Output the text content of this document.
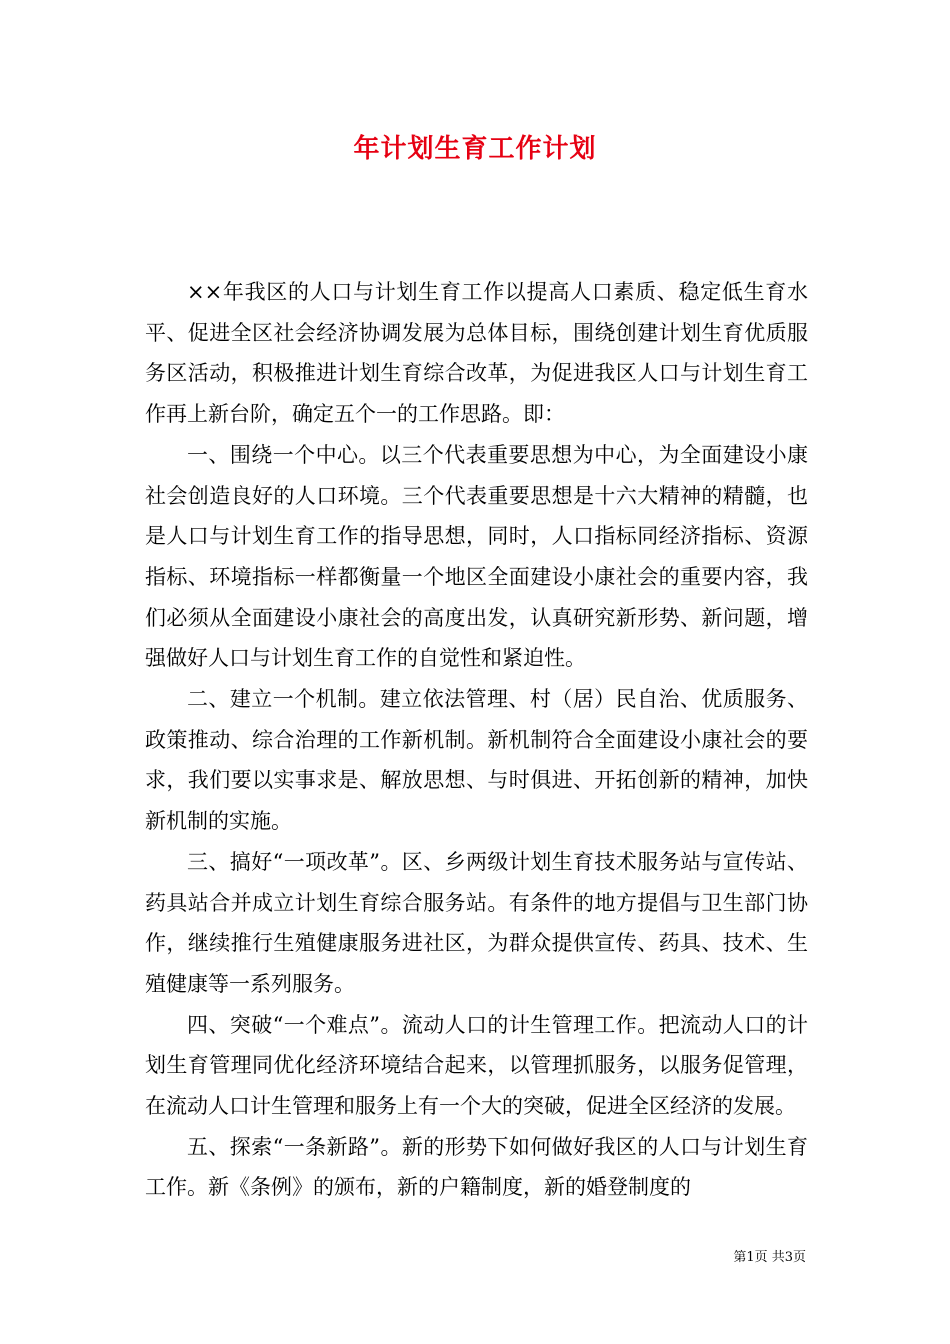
年计划生育工作计划

××年我区的人口与计划生育工作以提高人口素质、稳定低生育水平、促进全区社会经济协调发展为总体目标，围绕创建计划生育优质服务区活动，积极推进计划生育综合改革，为促进我区人口与计划生育工作再上新台阶，确定五个一的工作思路。即：

一、围绕一个中心。以三个代表重要思想为中心，为全面建设小康社会创造良好的人口环境。三个代表重要思想是十六大精神的精髓，也是人口与计划生育工作的指导思想，同时，人口指标同经济指标、资源指标、环境指标一样都衡量一个地区全面建设小康社会的重要内容，我们必须从全面建设小康社会的高度出发，认真研究新形势、新问题，增强做好人口与计划生育工作的自觉性和紧迫性。

二、建立一个机制。建立依法管理、村（居）民自治、优质服务、政策推动、综合治理的工作新机制。新机制符合全面建设小康社会的要求，我们要以实事求是、解放思想、与时俱进、开拓创新的精神，加快新机制的实施。

三、搞好“一项改革”。区、乡两级计划生育技术服务站与宣传站、药具站合并成立计划生育综合服务站。有条件的地方提倡与卫生部门协作，继续推行生殖健康服务进社区，为群众提供宣传、药具、技术、生殖健康等一系列服务。

四、突破“一个难点”。流动人口的计生管理工作。把流动人口的计划生育管理同优化经济环境结合起来，以管理抓服务，以服务促管理，在流动人口计生管理和服务上有一个大的突破，促进全区经济的发展。

五、探索“一条新路”。新的形势下如何做好我区的人口与计划生育工作。新《条例》的颁布，新的户籍制度，新的婚登制度的

第1页 共3页
